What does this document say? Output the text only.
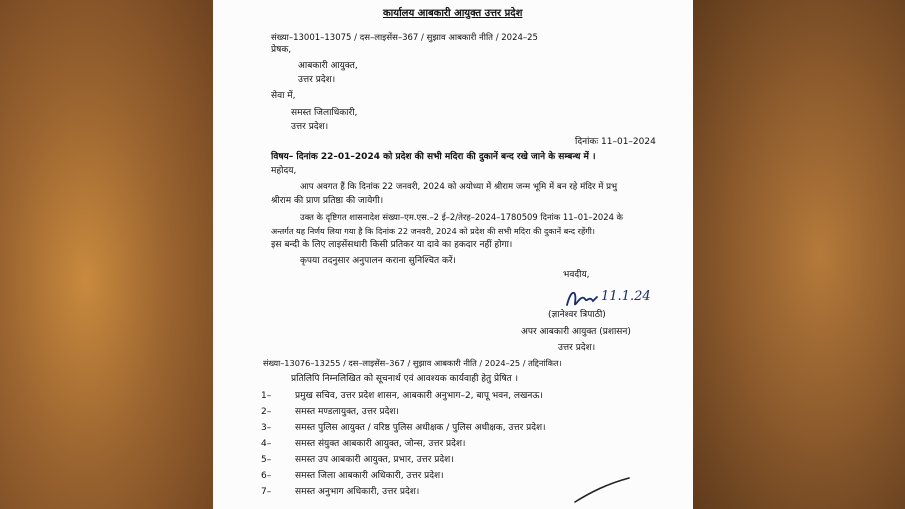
कार्यालय आबकारी आयुक्त उत्तर प्रदेश
संख्या–13001–13075 / दस–लाइसेंस–367 / सुझाव आबकारी नीति / 2024–25
प्रेषक,
आबकारी आयुक्त,
उत्तर प्रदेश।
सेवा में,
समस्त जिलाधिकारी,
उत्तर प्रदेश।
दिनांकः 11–01–2024
विषय– दिनांक 22–01–2024 को प्रदेश की सभी मदिरा की दुकानें बन्द रखे जाने के सम्बन्ध में ।
महोदय,
आप अवगत हैं कि दिनांक 22 जनवरी, 2024 को अयोध्या में श्रीराम जन्म भूमि में बन रहे मंदिर में प्रभु
श्रीराम की प्राण प्रतिष्ठा की जायेगी।
उक्त के दृष्टिगत शासनादेश संख्या–एम.एस.–2 ई–2/तेरह–2024–1780509 दिनांक 11–01–2024 के
अन्तर्गत यह निर्णय लिया गया है कि दिनांक 22 जनवरी, 2024 को प्रदेश की सभी मदिरा की दुकानें बन्द रहेंगी।
इस बन्दी के लिए लाइसेंसधारी किसी प्रतिकर या दावे का हकदार नहीं होगा।
कृपया तदनुसार अनुपालन कराना सुनिश्चित करें।
भवदीय,
11.1.24
(ज्ञानेश्वर त्रिपाठी)
अपर आबकारी आयुक्त (प्रशासन)
उत्तर प्रदेश।
संख्या–13076–13255 / दस–लाइसेंस–367 / सुझाव आबकारी नीति / 2024–25 / तद्दिनांकित।
प्रतिलिपि निम्नलिखित को सूचनार्थ एवं आवश्यक कार्यवाही हेतु प्रेषित ।
1–	प्रमुख सचिव, उत्तर प्रदेश शासन, आबकारी अनुभाग–2, बापू भवन, लखनऊ।
2–	समस्त मण्डलायुक्त, उत्तर प्रदेश।
3–	समस्त पुलिस आयुक्त / वरिष्ठ पुलिस अधीक्षक / पुलिस अधीक्षक, उत्तर प्रदेश।
4–	समस्त संयुक्त आबकारी आयुक्त, जोन्स, उत्तर प्रदेश।
5–	समस्त उप आबकारी आयुक्त, प्रभार, उत्तर प्रदेश।
6–	समस्त जिला आबकारी अधिकारी, उत्तर प्रदेश।
7–	समस्त अनुभाग अधिकारी, उत्तर प्रदेश।
